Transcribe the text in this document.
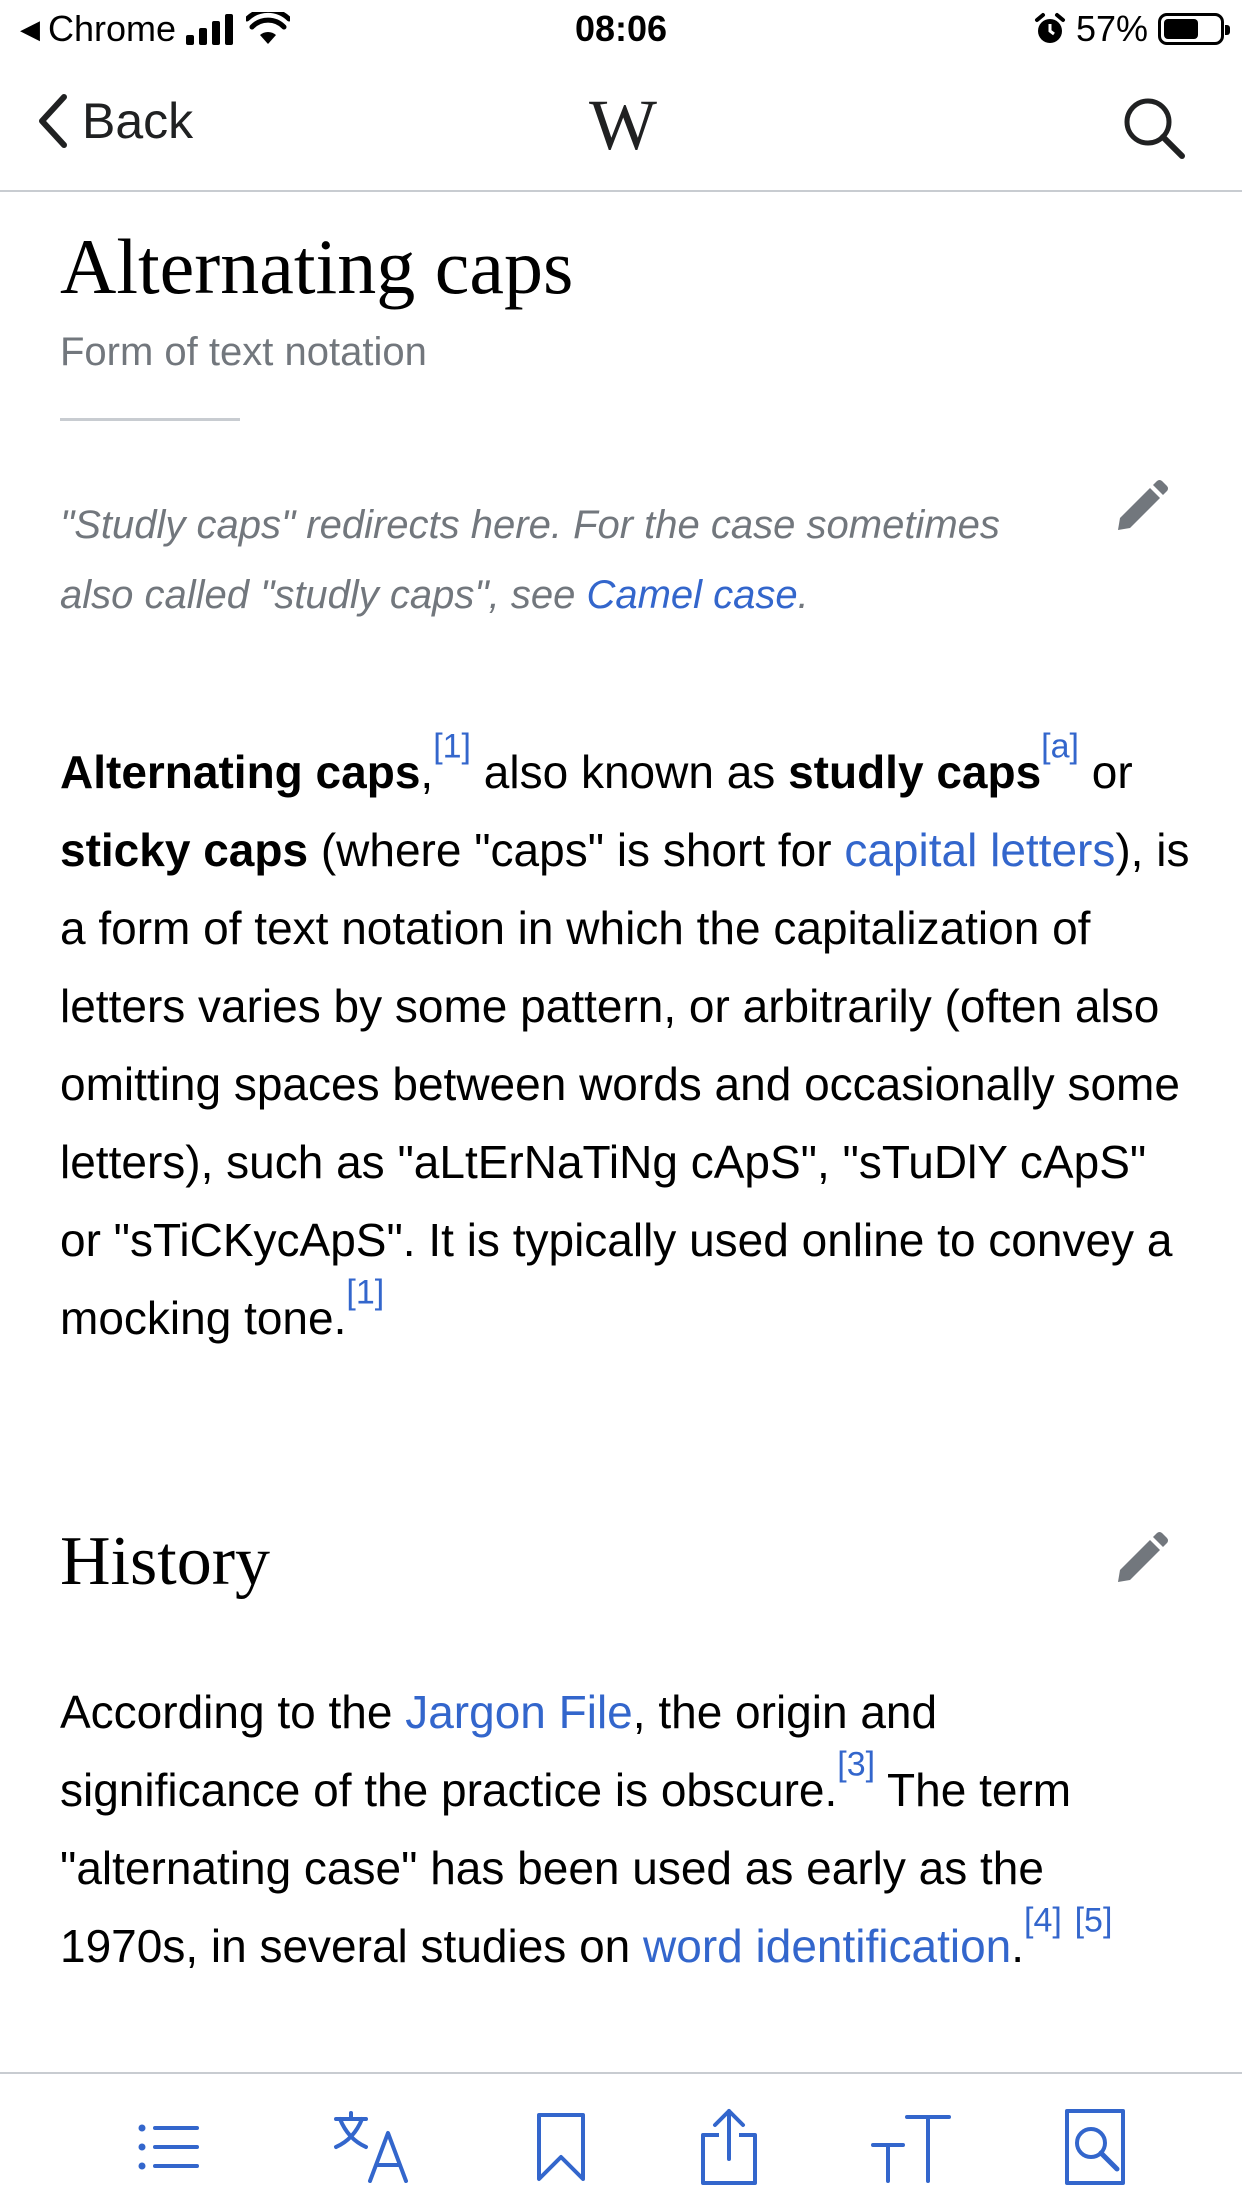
◀ Chrome	08:06	57%
Back	W
Alternating caps
Form of text notation
"Studly caps" redirects here. For the case sometimes also called "studly caps", see Camel case.
Alternating caps,[1] also known as studly caps[a] or sticky caps (where "caps" is short for capital letters), is a form of text notation in which the capitalization of letters varies by some pattern, or arbitrarily (often also omitting spaces between words and occasionally some letters), such as "aLtErNaTiNg cApS", "sTuDlY cApS" or "sTiCKycApS". It is typically used online to convey a mocking tone.[1]
History
According to the Jargon File, the origin and significance of the practice is obscure.[3] The term "alternating case" has been used as early as the 1970s, in several studies on word identification.[4] [5]
